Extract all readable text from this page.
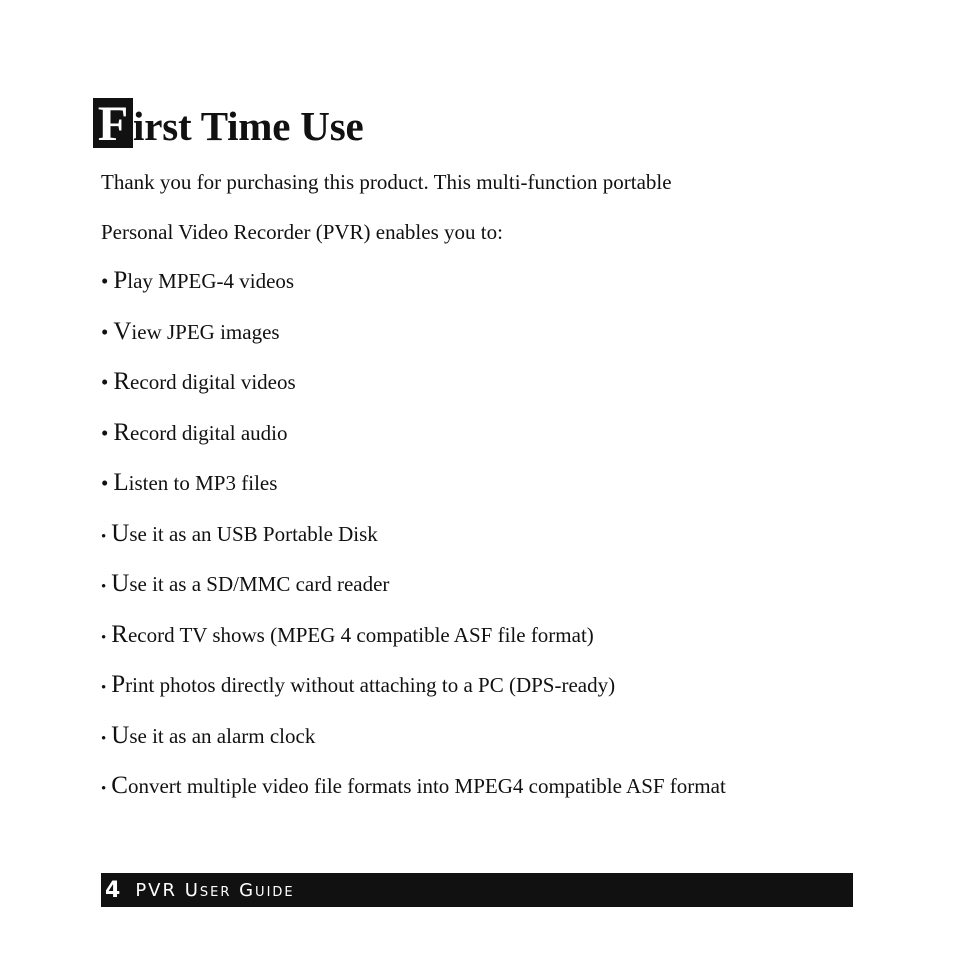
F irst Time Use
Thank you for purchasing this product. This multi-function portable
Personal Video Recorder (PVR) enables you to:
• Play MPEG-4 videos
• View JPEG images
• Record digital videos
• Record digital audio
• Listen to MP3 files
• Use it as an USB Portable Disk
• Use it as a SD/MMC card reader
• Record TV shows (MPEG 4 compatible ASF file format)
• Print photos directly without attaching to a PC (DPS-ready)
• Use it as an alarm clock
• Convert multiple video file formats into MPEG4 compatible ASF format
4 PVR User Guide
